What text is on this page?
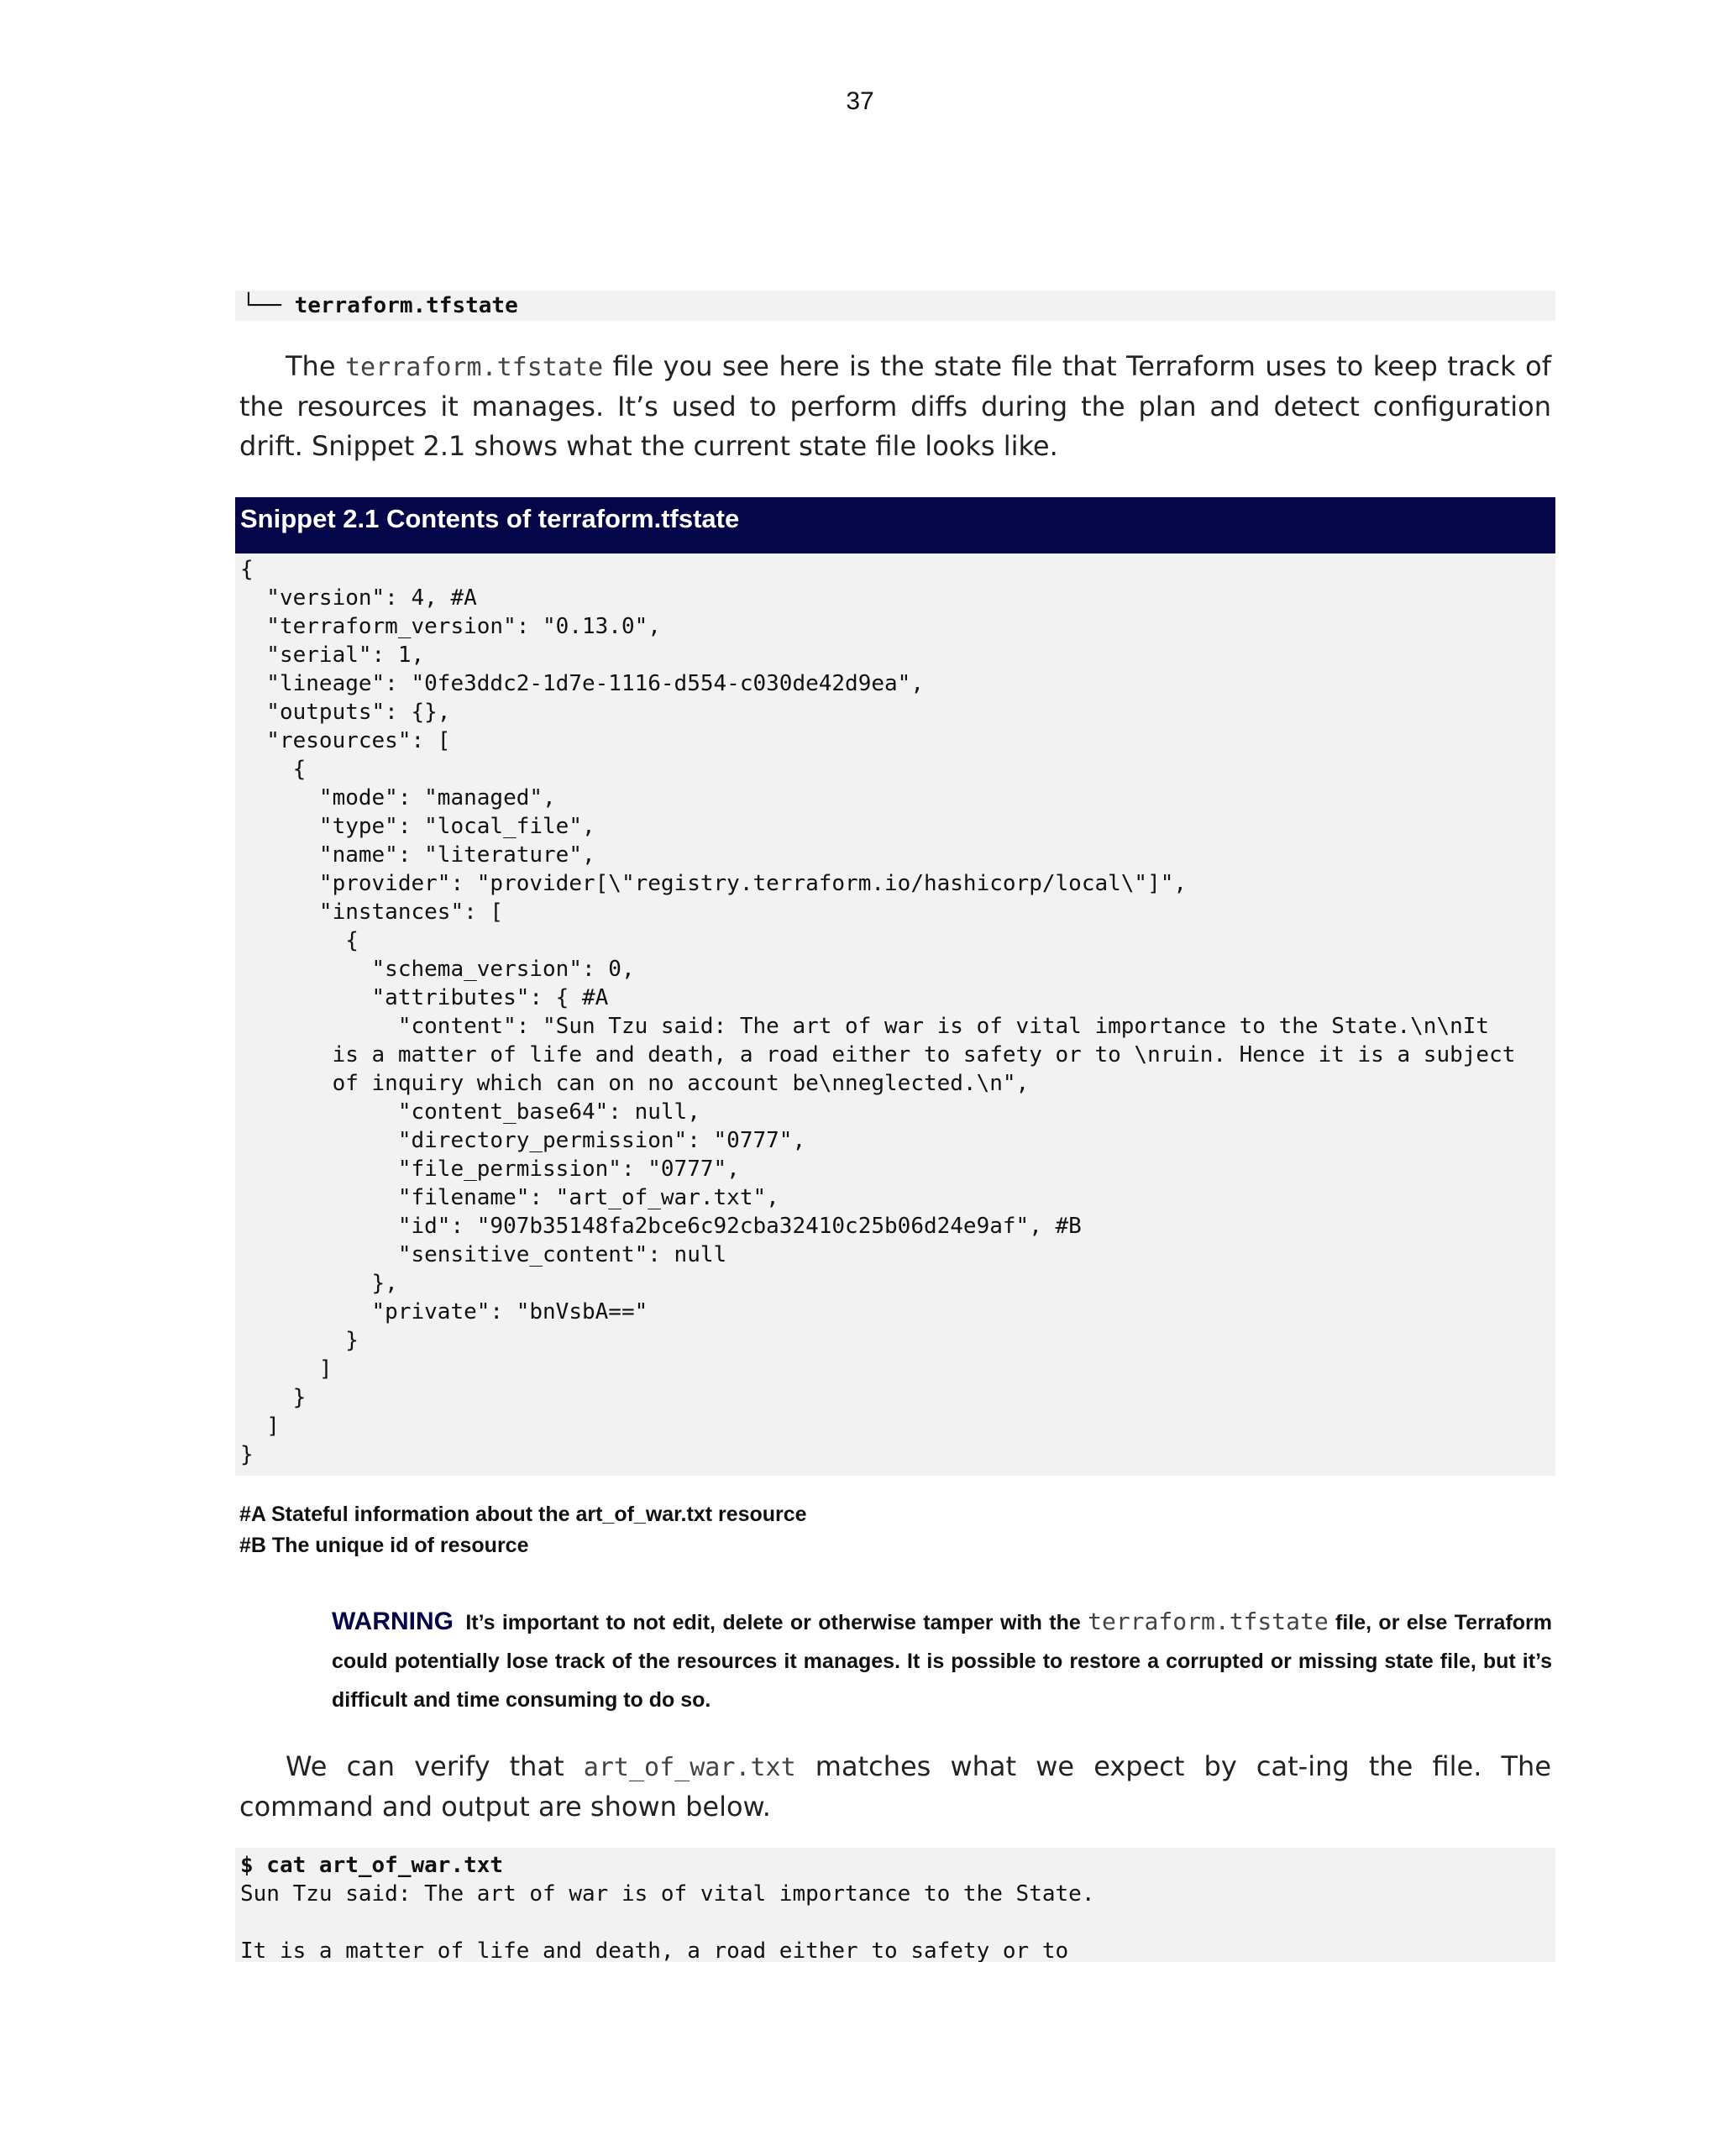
37
└── terraform.tfstate
The terraform.tfstate file you see here is the state file that Terraform uses to keep track of the resources it manages. It’s used to perform diffs during the plan and detect configuration drift. Snippet 2.1 shows what the current state file looks like.
Snippet 2.1 Contents of terraform.tfstate
{
"version": 4, #A
"terraform_version": "0.13.0",
"serial": 1,
"lineage": "0fe3ddc2-1d7e-1116-d554-c030de42d9ea",
"outputs": {},
"resources": [
{
"mode": "managed",
"type": "local_file",
"name": "literature",
"provider": "provider[\"registry.terraform.io/hashicorp/local\"]",
"instances": [
{
"schema_version": 0,
"attributes": { #A
"content": "Sun Tzu said: The art of war is of vital importance to the State.\n\nIt
is a matter of life and death, a road either to safety or to \nruin. Hence it is a subject
of inquiry which can on no account be\nneglected.\n",
"content_base64": null,
"directory_permission": "0777",
"file_permission": "0777",
"filename": "art_of_war.txt",
"id": "907b35148fa2bce6c92cba32410c25b06d24e9af", #B
"sensitive_content": null
},
"private": "bnVsbA=="
}
]
}
]
}
#A Stateful information about the art_of_war.txt resource
#B The unique id of resource
WARNING It’s important to not edit, delete or otherwise tamper with the terraform.tfstate file, or else Terraform could potentially lose track of the resources it manages. It is possible to restore a corrupted or missing state file, but it’s difficult and time consuming to do so.
We can verify that art_of_war.txt matches what we expect by cat-ing the file. The command and output are shown below.
$ cat art_of_war.txt
Sun Tzu said: The art of war is of vital importance to the State.

It is a matter of life and death, a road either to safety or to
